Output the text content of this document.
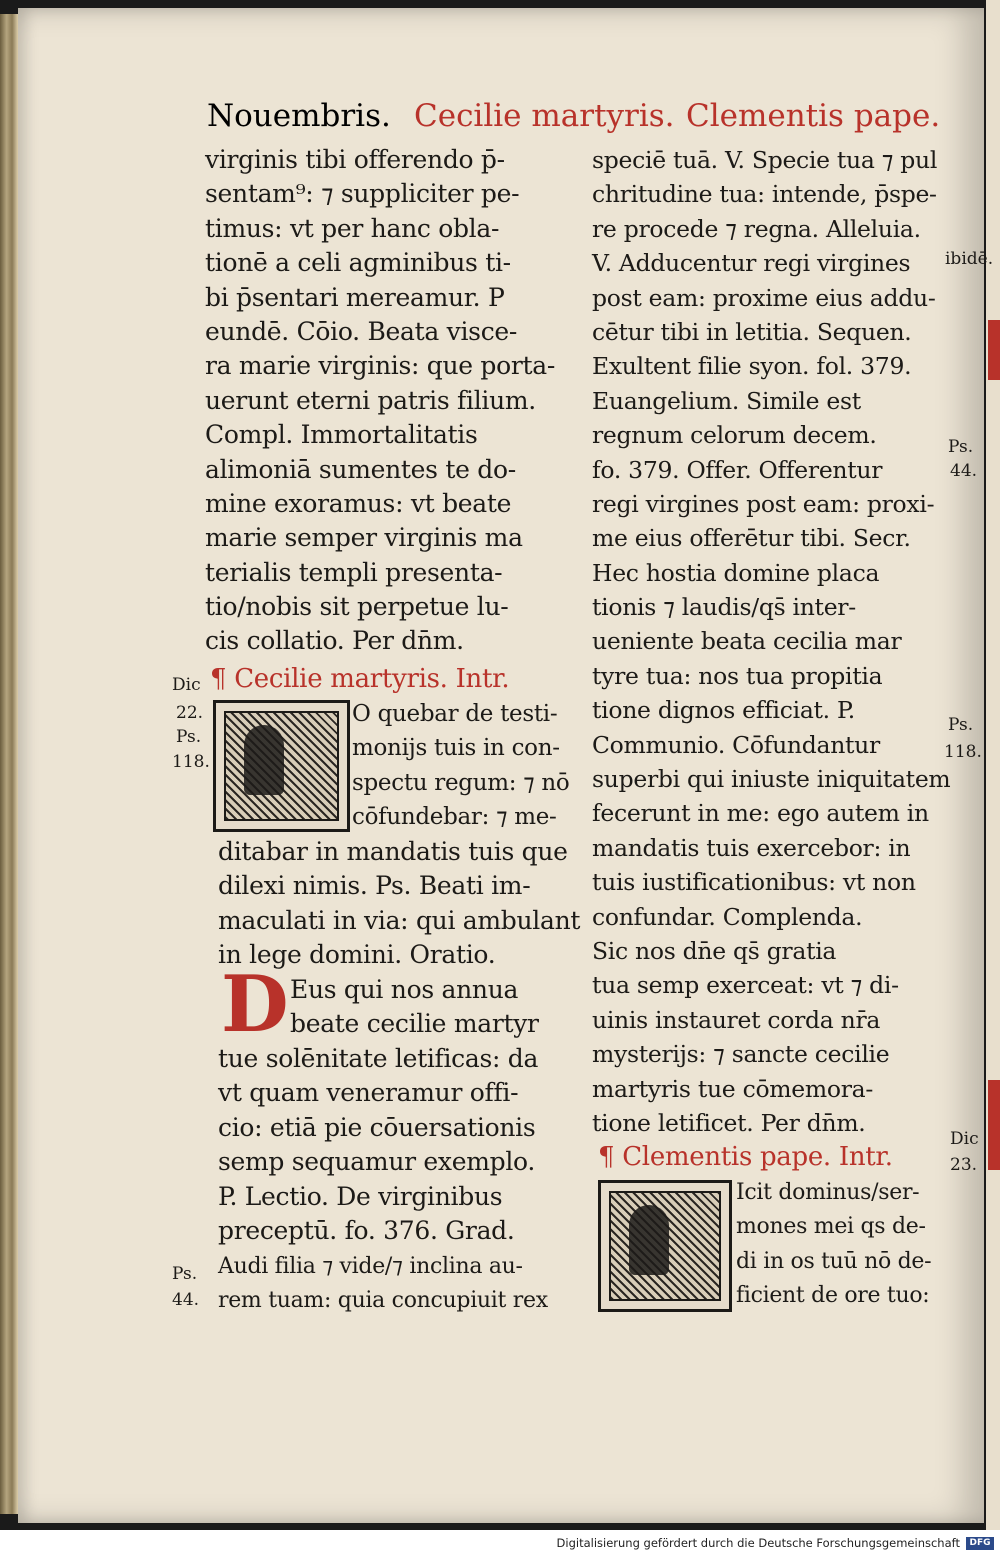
Nouembris. Cecilie martyris. Clementis pape.
virginis tibi offerendo p̄-
sentam⁹: ⁊ suppliciter pe-
timus: vt per hanc obla-
tionē a celi agminibus ti-
bi p̄sentari mereamur. P
eundē. Cōio. Beata visce-
ra marie virginis: que porta-
uerunt eterni patris filium.
Compl. Immortalitatis
alimoniā sumentes te do-
mine exoramus: vt beate
marie semper virginis ma
terialis templi presenta-
tio/nobis sit perpetue lu-
cis collatio. Per dn̄m.
¶ Cecilie martyris. Intr.
O quebar de testi-
monijs tuis in con-
spectu regum: ⁊ nō
cōfundebar: ⁊ me-
ditabar in mandatis tuis que
dilexi nimis. Ps. Beati im-
maculati in via: qui ambulant
in lege domini. Oratio.
D Eus qui nos annua
beate cecilie martyr
tue solēnitate letificas: da
vt quam veneramur offi-
cio: etiā pie cōuersationis
semp sequamur exemplo.
P. Lectio. De virginibus
preceptū. fo. 376. Grad.
Audi filia ⁊ vide/⁊ inclina au-
rem tuam: quia concupiuit rex
speciē tuā. V. Specie tua ⁊ pul
chritudine tua: intende, p̄spe-
re procede ⁊ regna. Alleluia.
V. Adducentur regi virgines
post eam: proxime eius addu-
cētur tibi in letitia. Sequen.
Exultent filie syon. fol. 379.
Euangelium. Simile est
regnum celorum decem.
fo. 379. Offer. Offerentur
regi virgines post eam: proxi-
me eius offerētur tibi. Secr.
Hec hostia domine placa
tionis ⁊ laudis/qs̄ inter-
ueniente beata cecilia mar
tyre tua: nos tua propitia
tione dignos efficiat. P.
Communio. Cōfundantur
superbi qui iniuste iniquitatem
fecerunt in me: ego autem in
mandatis tuis exercebor: in
tuis iustificationibus: vt non
confundar. Complenda.
Sic nos dn̄e qs̄ gratia
tua semp exerceat: vt ⁊ di-
uinis instauret corda nr̄a
mysterijs: ⁊ sancte cecilie
martyris tue cōmemora-
tione letificet. Per dn̄m.
¶ Clementis pape. Intr.
Icit dominus/ser-
mones mei qs de-
di in os tuū nō de-
ficient de ore tuo:
Dic
22.
Ps.
118.
Ps.
44.
ibidē.
Ps.
44.
Ps.
118.
Dic
23.
Digitalisierung gefördert durch die Deutsche Forschungsgemeinschaft	DFG
